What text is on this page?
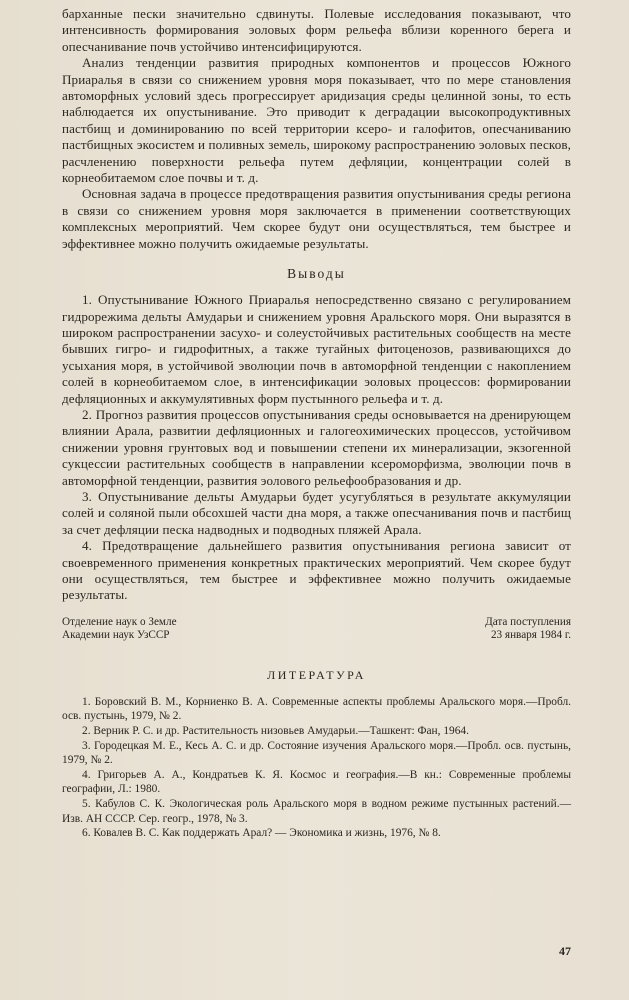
барханные пески значительно сдвинуты. Полевые исследования показывают, что интенсивность формирования эоловых форм рельефа вблизи коренного берега и опесчанивание почв устойчиво интенсифицируются.

Анализ тенденции развития природных компонентов и процессов Южного Приаралья в связи со снижением уровня моря показывает, что по мере становления автоморфных условий здесь прогрессирует аридизация среды целинной зоны, то есть наблюдается их опустынивание. Это приводит к деградации высокопродуктивных пастбищ и доминированию по всей территории ксеро- и галофитов, опесчаниванию пастбищных экосистем и поливных земель, широкому распространению эоловых песков, расчленению поверхности рельефа путем дефляции, концентрации солей в корнеобитаемом слое почвы и т. д.

Основная задача в процессе предотвращения развития опустынивания среды региона в связи со снижением уровня моря заключается в применении соответствующих комплексных мероприятий. Чем скорее будут они осуществляться, тем быстрее и эффективнее можно получить ожидаемые результаты.

Выводы

1. Опустынивание Южного Приаралья непосредственно связано с регулированием гидрорежима дельты Амударьи и снижением уровня Аральского моря. Они выразятся в широком распространении засухо- и солеустойчивых растительных сообществ на месте бывших гигро- и гидрофитных, а также тугайных фитоценозов, развивающихся до усыхания моря, в устойчивой эволюции почв в автоморфной тенденции с накоплением солей в корнеобитаемом слое, в интенсификации эоловых процессов: формировании дефляционных и аккумулятивных форм пустынного рельефа и т. д.

2. Прогноз развития процессов опустынивания среды основывается на дренирующем влиянии Арала, развитии дефляционных и галогеохимических процессов, устойчивом снижении уровня грунтовых вод и повышении степени их минерализации, экзогенной сукцессии растительных сообществ в направлении ксероморфизма, эволюции почв в автоморфной тенденции, развития эолового рельефообразования и др.

3. Опустынивание дельты Амударьи будет усугубляться в результате аккумуляции солей и соляной пыли обсохшей части дна моря, а также опесчанивания почв и пастбищ за счет дефляции песка надводных и подводных пляжей Арала.

4. Предотвращение дальнейшего развития опустынивания региона зависит от своевременного применения конкретных практических мероприятий. Чем скорее будут они осуществляться, тем быстрее и эффективнее можно получить ожидаемые результаты.

Отделение наук о Земле
Академии наук УзССР
Дата поступления
23 января 1984 г.
ЛИТЕРАТУРА

1. Боровский В. М., Корниенко В. А. Современные аспекты проблемы Аральского моря.—Пробл. осв. пустынь, 1979, № 2.

2. Верник Р. С. и др. Растительность низовьев Амударьи.—Ташкент: Фан, 1964.

3. Городецкая М. Е., Кесь А. С. и др. Состояние изучения Аральского моря.—Пробл. осв. пустынь, 1979, № 2.

4. Григорьев А. А., Кондратьев К. Я. Космос и география.—В кн.: Современные проблемы географии, Л.: 1980.

5. Кабулов С. К. Экологическая роль Аральского моря в водном режиме пустынных растений.— Изв. АН СССР. Сер. геогр., 1978, № 3.

6. Ковалев В. С. Как поддержать Арал? — Экономика и жизнь, 1976, № 8.

47
